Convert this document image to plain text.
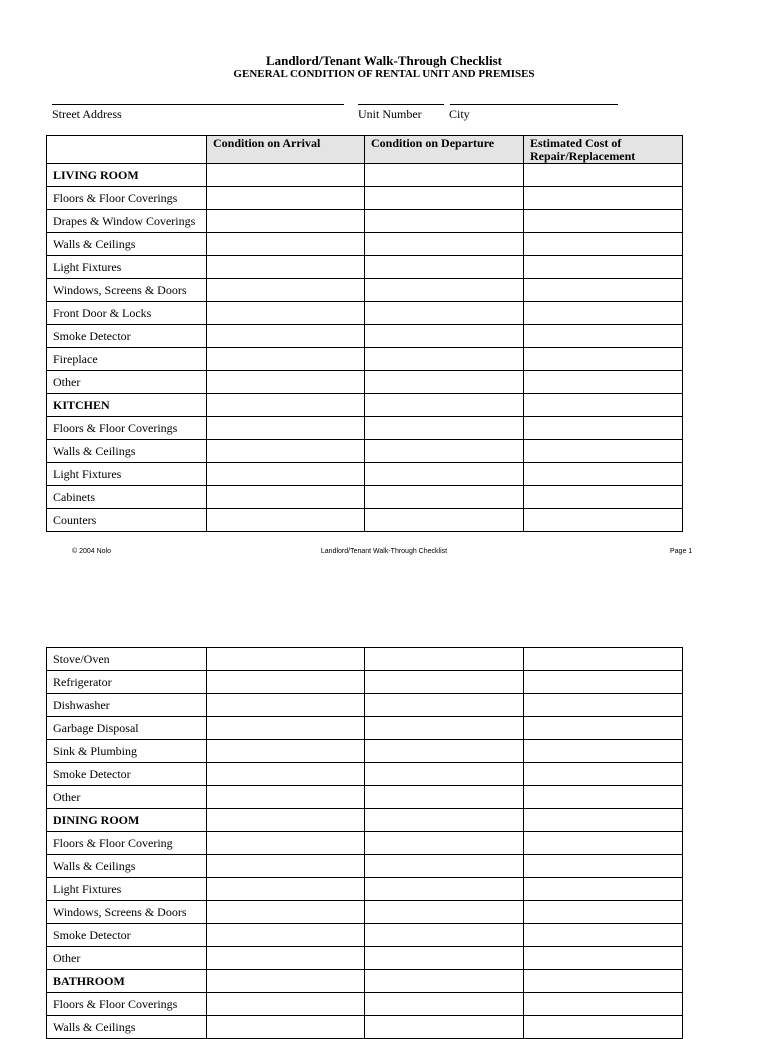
Landlord/Tenant Walk-Through Checklist
GENERAL CONDITION OF RENTAL UNIT AND PREMISES
Street Address	Unit Number City
	Condition on Arrival	Condition on Departure	Estimated Cost of Repair/Replacement
LIVING ROOM			
Floors & Floor Coverings			
Drapes & Window Coverings			
Walls & Ceilings			
Light Fixtures			
Windows, Screens & Doors			
Front Door & Locks			
Smoke Detector			
Fireplace			
Other			
KITCHEN			
Floors & Floor Coverings			
Walls & Ceilings			
Light Fixtures			
Cabinets			
Counters			
© 2004 Nolo	Landlord/Tenant Walk-Through Checklist	Page 1
Stove/Oven			
Refrigerator			
Dishwasher			
Garbage Disposal			
Sink & Plumbing			
Smoke Detector			
Other			
DINING ROOM			
Floors & Floor Covering			
Walls & Ceilings			
Light Fixtures			
Windows, Screens & Doors			
Smoke Detector			
Other			
BATHROOM			
Floors & Floor Coverings			
Walls & Ceilings			
